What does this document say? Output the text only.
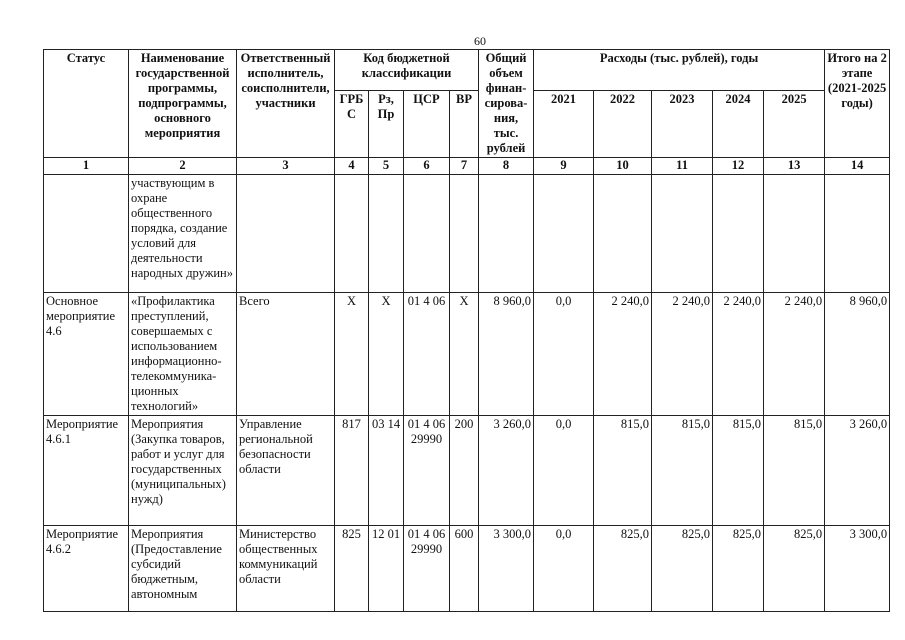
60
Статус	Наименование государственной программы, подпрограммы, основного мероприятия	Ответственный исполнитель, соисполнители, участники	Код бюджетной классификации				Общий объем финан-сирова-ния, тыс. рублей	Расходы (тыс. рублей), годы					Итого на 2 этапе (2021-2025 годы)
			ГРБ С	Рз, Пр	ЦСР	ВР		2021	2022	2023	2024	2025	
1	2	3	4	5	6	7	8	9	10	11	12	13	14
	участвующим в охране общественного порядка, создание условий для деятельности народных дружин»												
Основное мероприятие 4.6	«Профилактика преступлений, совершаемых с использованием информационно-телекоммуника-ционных технологий»	Всего	Х	Х	01 4 06	Х	8 960,0	0,0	2 240,0	2 240,0	2 240,0	2 240,0	8 960,0
Мероприятие 4.6.1	Мероприятия (Закупка товаров, работ и услуг для государственных (муниципальных) нужд)	Управление региональной безопасности области	817	03 14	01 4 06 29990	200	3 260,0	0,0	815,0	815,0	815,0	815,0	3 260,0
Мероприятие 4.6.2	Мероприятия (Предоставление субсидий бюджетным, автономным	Министерство общественных коммуникаций области	825	12 01	01 4 06 29990	600	3 300,0	0,0	825,0	825,0	825,0	825,0	3 300,0
